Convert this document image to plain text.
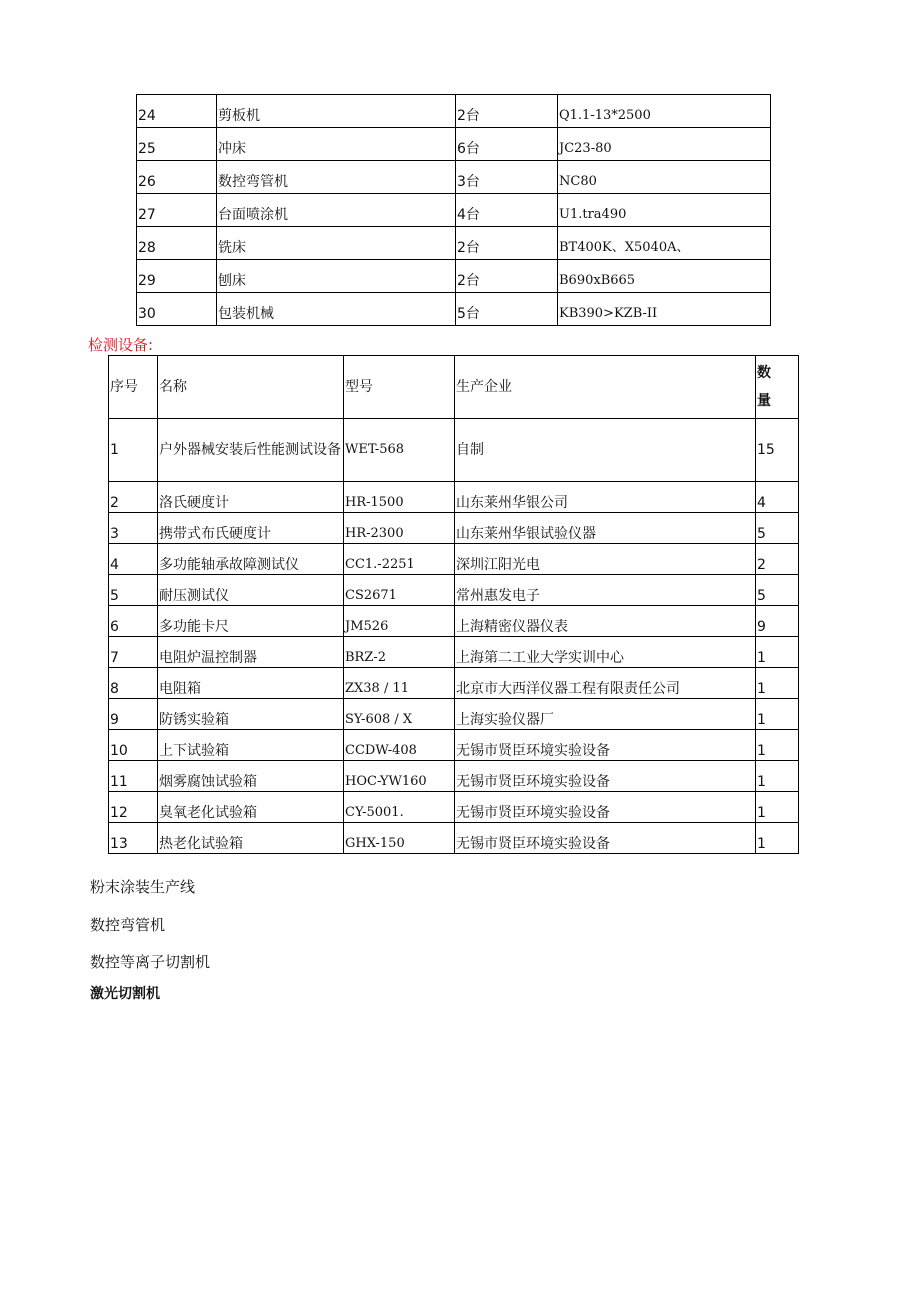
24	剪板机	2台	Q1.1-13*2500
25	冲床	6台	JC23-80
26	数控弯管机	3台	NC80
27	台面喷涂机	4台	U1.tra490
28	铣床	2台	BT400K、X5040A、
29	刨床	2台	B690xB665
30	包装机械	5台	KB390>KZB-II
检测设备:
序号	名称	型号	生产企业	数
量

1	户外器械安装后性能测试设备	WET-568	自制	15
2	洛氏硬度计	HR-1500	山东莱州华银公司	4
3	携带式布氏硬度计	HR-2300	山东莱州华银试验仪器	5
4	多功能轴承故障测试仪	CC1.-2251	深圳江阳光电	2
5	耐压测试仪	CS2671	常州惠发电子	5
6	多功能卡尺	JM526	上海精密仪器仪表	9
7	电阻炉温控制器	BRZ-2	上海第二工业大学实训中心	1
8	电阻箱	ZX38 / 11	北京市大西洋仪器工程有限责任公司	1
9	防锈实验箱	SY-608 / X	上海实验仪器厂	1
10	上下试验箱	CCDW-408	无锡市贤臣环境实验设备	1
11	烟雾腐蚀试验箱	HOC-YW160	无锡市贤臣环境实验设备	1
12	臭氧老化试验箱	CY-5001.	无锡市贤臣环境实验设备	1
13	热老化试验箱	GHX-150	无锡市贤臣环境实验设备	1
粉末涂装生产线
数控弯管机
数控等离子切割机
激光切割机
